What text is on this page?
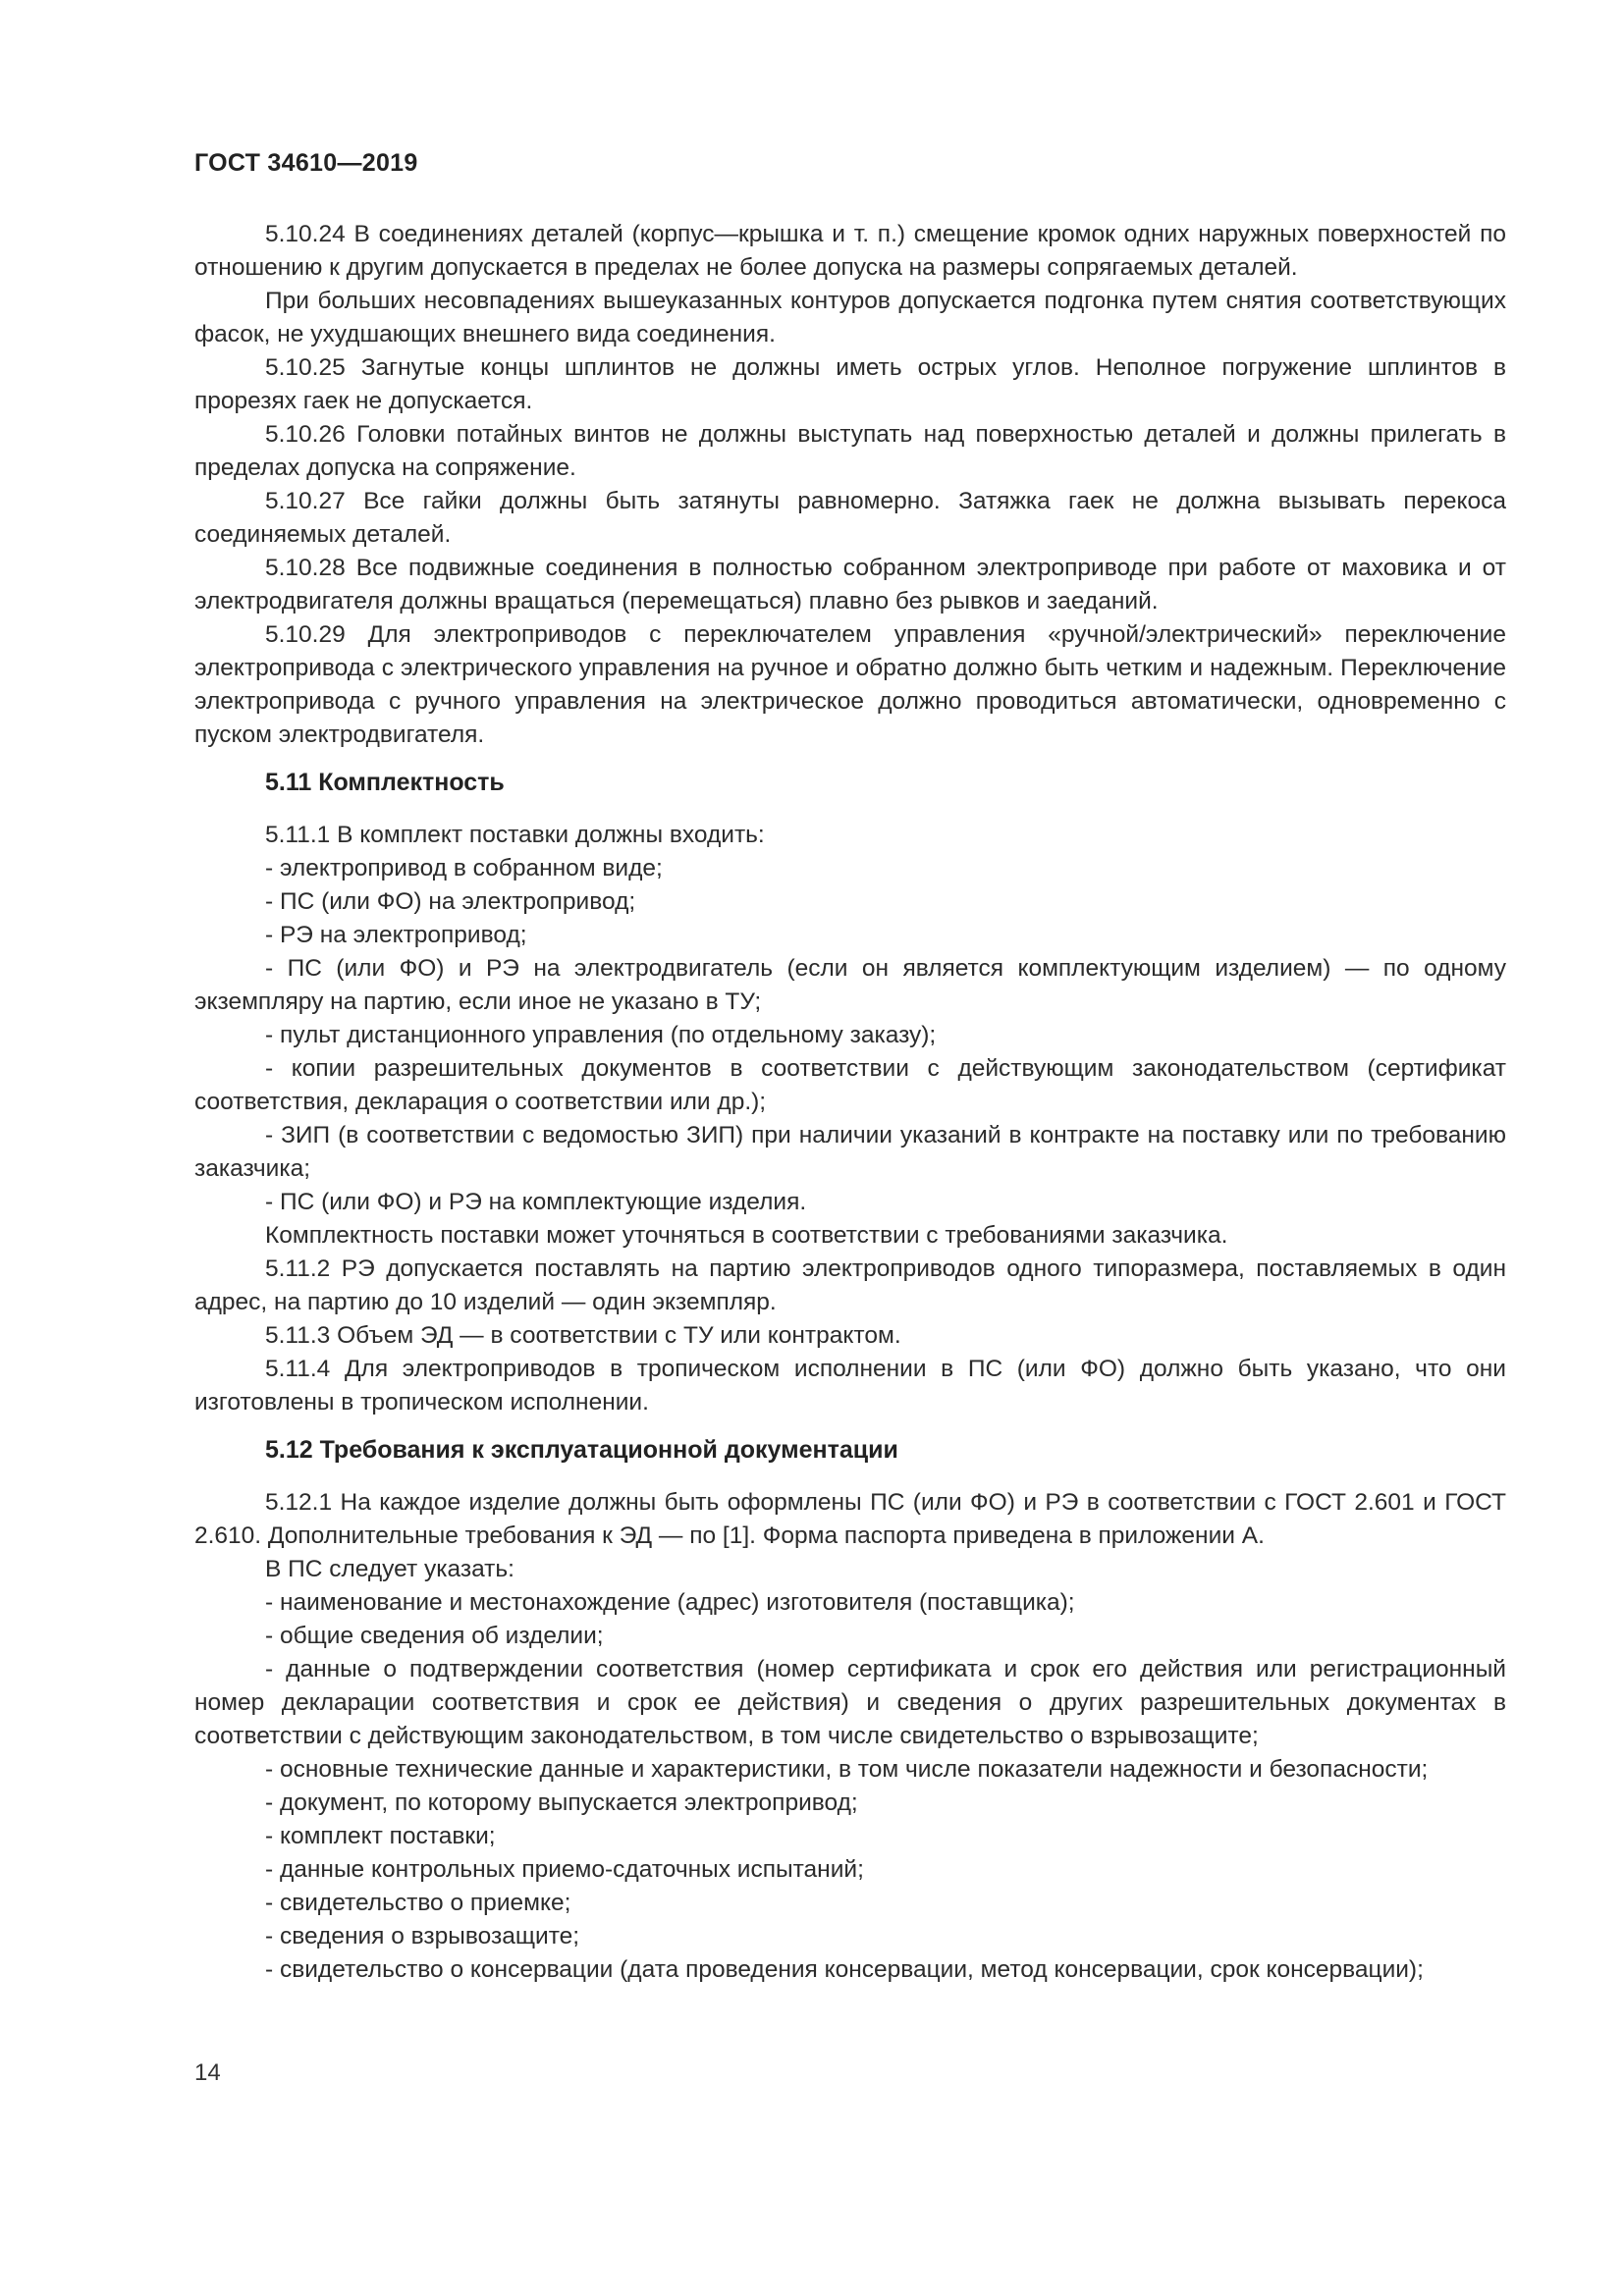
ГОСТ 34610—2019

5.10.24 В соединениях деталей (корпус—крышка и т. п.) смещение кромок одних наружных поверхностей по отношению к другим допускается в пределах не более допуска на размеры сопрягаемых деталей.

При больших несовпадениях вышеуказанных контуров допускается подгонка путем снятия соответствующих фасок, не ухудшающих внешнего вида соединения.

5.10.25 Загнутые концы шплинтов не должны иметь острых углов. Неполное погружение шплинтов в прорезях гаек не допускается.

5.10.26 Головки потайных винтов не должны выступать над поверхностью деталей и должны прилегать в пределах допуска на сопряжение.

5.10.27 Все гайки должны быть затянуты равномерно. Затяжка гаек не должна вызывать перекоса соединяемых деталей.

5.10.28 Все подвижные соединения в полностью собранном электроприводе при работе от маховика и от электродвигателя должны вращаться (перемещаться) плавно без рывков и заеданий.

5.10.29 Для электроприводов с переключателем управления «ручной/электрический» переключение электропривода с электрического управления на ручное и обратно должно быть четким и надежным. Переключение электропривода с ручного управления на электрическое должно проводиться автоматически, одновременно с пуском электродвигателя.

5.11 Комплектность

5.11.1 В комплект поставки должны входить:

- электропривод в собранном виде;

- ПС (или ФО) на электропривод;

- РЭ на электропривод;

- ПС (или ФО) и РЭ на электродвигатель (если он является комплектующим изделием) — по одному экземпляру на партию, если иное не указано в ТУ;

- пульт дистанционного управления (по отдельному заказу);

- копии разрешительных документов в соответствии с действующим законодательством (сертификат соответствия, декларация о соответствии или др.);

- ЗИП (в соответствии с ведомостью ЗИП) при наличии указаний в контракте на поставку или по требованию заказчика;

- ПС (или ФО) и РЭ на комплектующие изделия.

Комплектность поставки может уточняться в соответствии с требованиями заказчика.

5.11.2 РЭ допускается поставлять на партию электроприводов одного типоразмера, поставляемых в один адрес, на партию до 10 изделий — один экземпляр.

5.11.3 Объем ЭД — в соответствии с ТУ или контрактом.

5.11.4 Для электроприводов в тропическом исполнении в ПС (или ФО) должно быть указано, что они изготовлены в тропическом исполнении.

5.12 Требования к эксплуатационной документации

5.12.1 На каждое изделие должны быть оформлены ПС (или ФО) и РЭ в соответствии с ГОСТ 2.601 и ГОСТ 2.610. Дополнительные требования к ЭД — по [1]. Форма паспорта приведена в приложении А.

В ПС следует указать:

- наименование и местонахождение (адрес) изготовителя (поставщика);

- общие сведения об изделии;

- данные о подтверждении соответствия (номер сертификата и срок его действия или регистрационный номер декларации соответствия и срок ее действия) и сведения о других разрешительных документах в соответствии с действующим законодательством, в том числе свидетельство о взрывозащите;

- основные технические данные и характеристики, в том числе показатели надежности и безопасности;

- документ, по которому выпускается электропривод;

- комплект поставки;

- данные контрольных приемо-сдаточных испытаний;

- свидетельство о приемке;

- сведения о взрывозащите;

- свидетельство о консервации (дата проведения консервации, метод консервации, срок консервации);

14
